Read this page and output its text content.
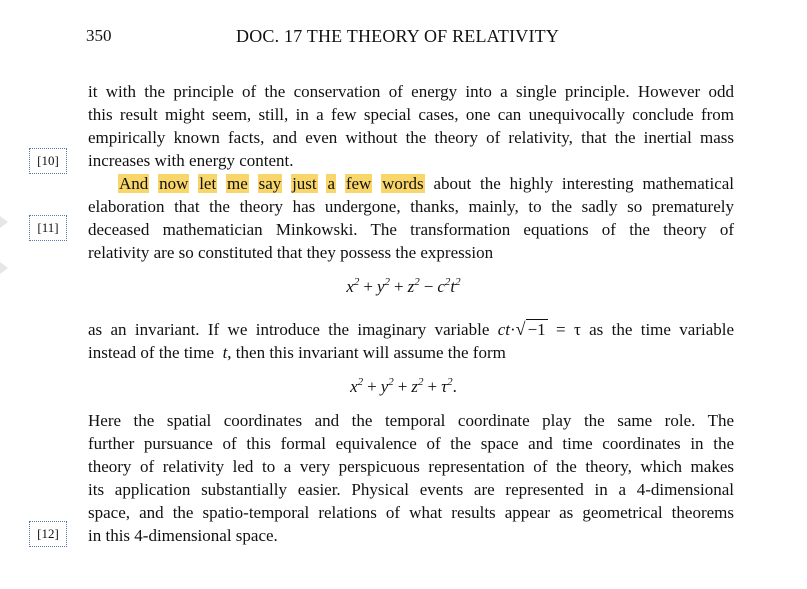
350	DOC. 17 THE THEORY OF RELATIVITY
[10]
[11]
[12]
it with the principle of the conservation of energy into a single principle. However odd
this result might seem, still, in a few special cases, one can unequivocally conclude from
empirically known facts, and even without the theory of relativity, that the inertial mass
increases with energy content.
And now let me say just a few words about the highly interesting mathematical
elaboration that the theory has undergone, thanks, mainly, to the sadly so prematurely
deceased mathematician Minkowski. The transformation equations of the theory of
relativity are so constituted that they possess the expression
$x^2 + y^2 + z^2 - c^2t^2$
as an invariant. If we introduce the imaginary variable ct·√ −1 = τ as the time variable
instead of the time t, then this invariant will assume the form
$x^2 + y^2 + z^2 + \tau^2$.
Here the spatial coordinates and the temporal coordinate play the same role. The
further pursuance of this formal equivalence of the space and time coordinates in the
theory of relativity led to a very perspicuous representation of the theory, which makes
its application substantially easier. Physical events are represented in a 4-dimensional
space, and the spatio-temporal relations of what results appear as geometrical theorems
in this 4-dimensional space.
